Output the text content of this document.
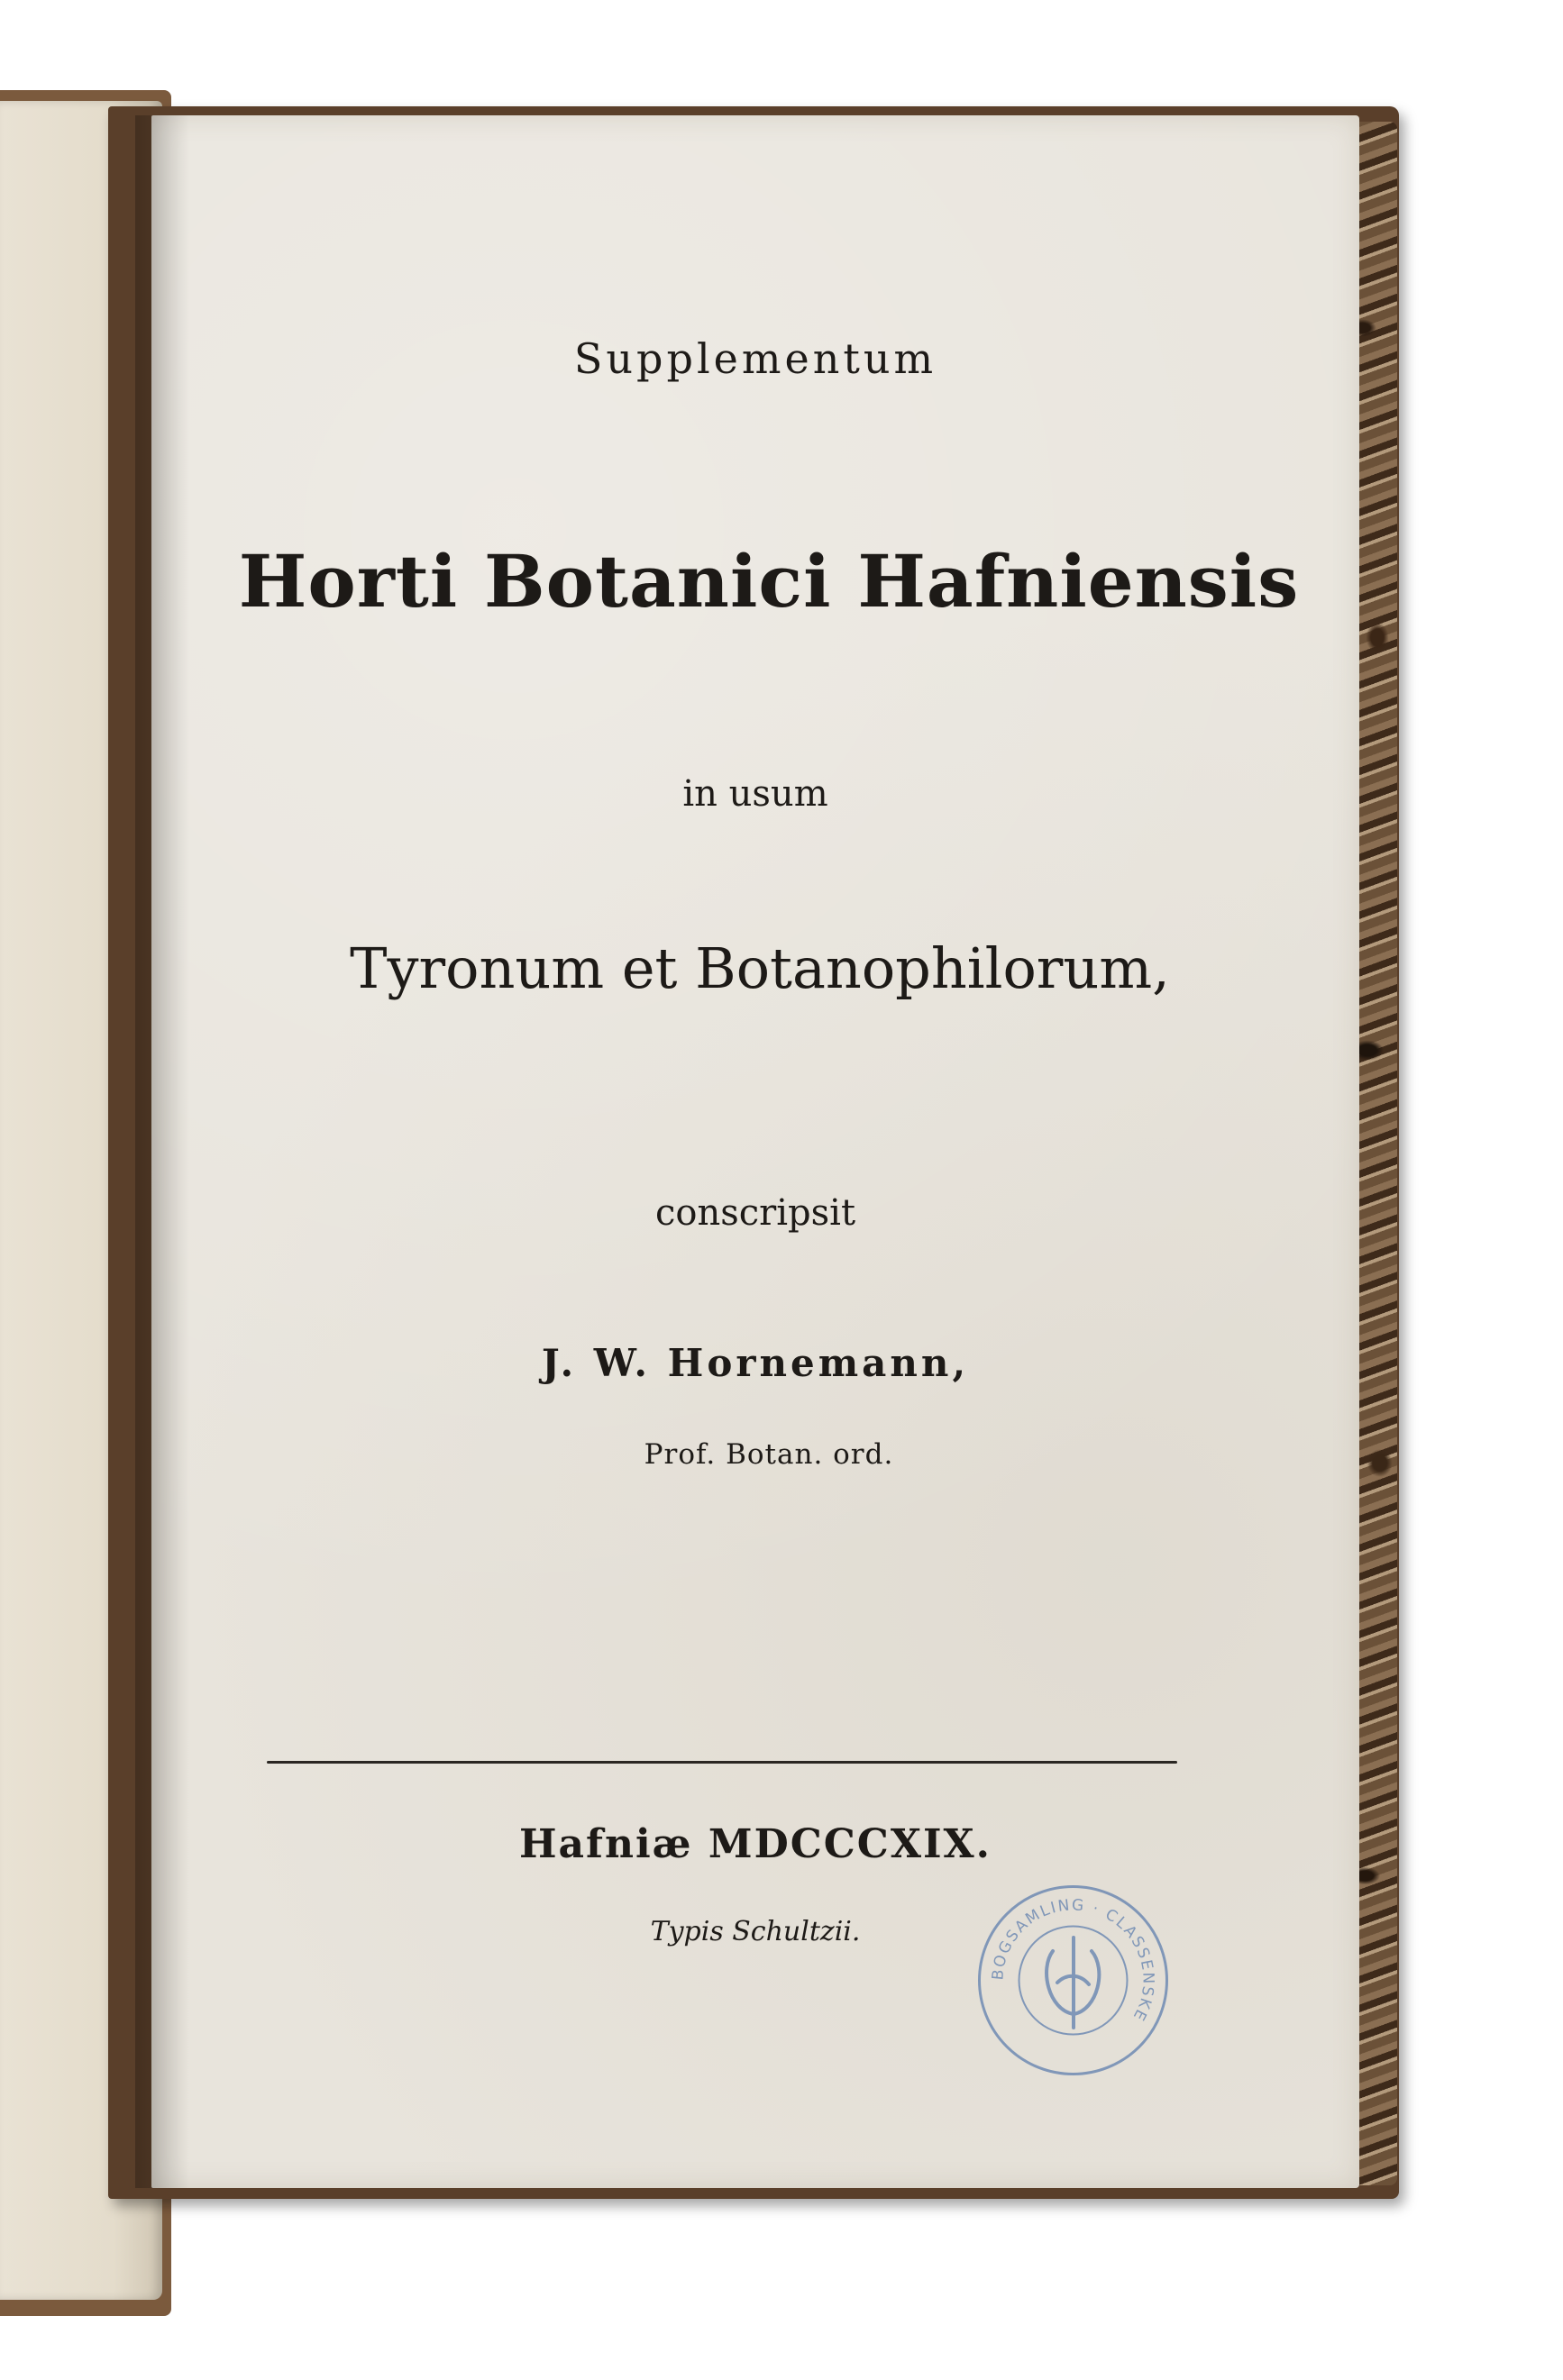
Supplementum
Horti Botanici Hafniensis
in usum
Tyronum et Botanophilorum,
conscripsit
J. W. Hornemann,
Prof. Botan. ord.
Hafniæ MDCCCXIX.
Typis Schultzii.
BOGSAMLING · CLASSENSKE
